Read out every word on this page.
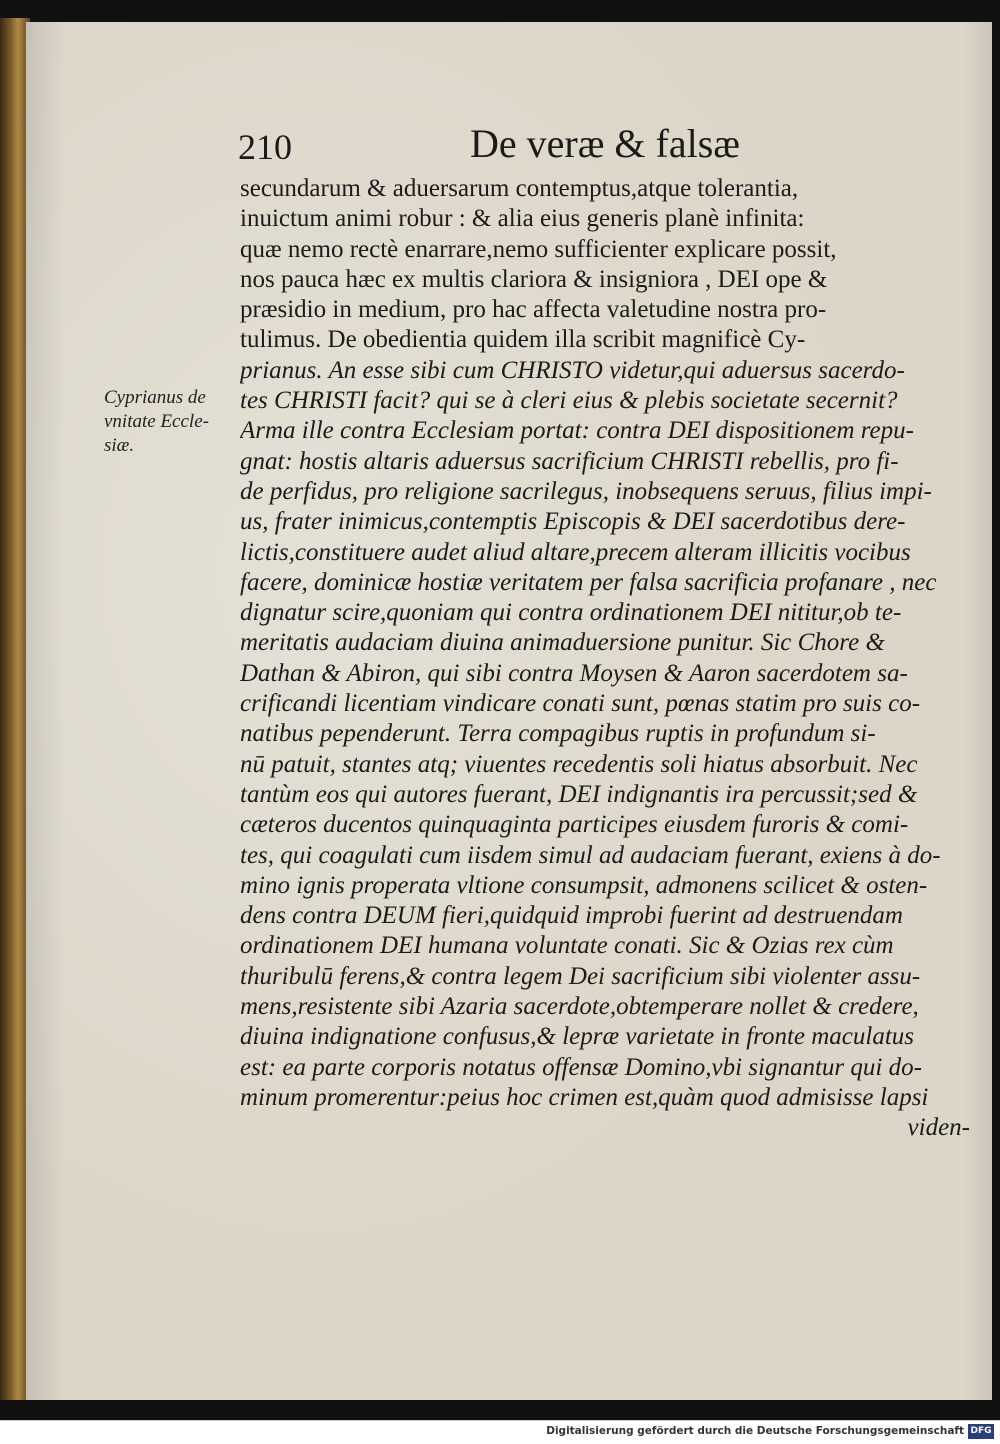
210	De veræ & falsæ
Cyprianus de
vnitate Eccle-
siæ.
secundarum & aduersarum contemptus,atque tolerantia,
inuictum animi robur : & alia eius generis planè infinita:
quæ nemo rectè enarrare,nemo sufficienter explicare possit,
nos pauca hæc ex multis clariora & insigniora , DEI ope &
præsidio in medium, pro hac affecta valetudine nostra pro-
tulimus. De obedientia quidem illa scribit magnificè Cy-
prianus. An esse sibi cum CHRISTO videtur,qui aduersus sacerdo-
tes CHRISTI facit? qui se à cleri eius & plebis societate secernit?
Arma ille contra Ecclesiam portat: contra DEI dispositionem repu-
gnat: hostis altaris aduersus sacrificium CHRISTI rebellis, pro fi-
de perfidus, pro religione sacrilegus, inobsequens seruus, filius impi-
us, frater inimicus,contemptis Episcopis & DEI sacerdotibus dere-
lictis,constituere audet aliud altare,precem alteram illicitis vocibus
facere, dominicæ hostiæ veritatem per falsa sacrificia profanare , nec
dignatur scire,quoniam qui contra ordinationem DEI nititur,ob te-
meritatis audaciam diuina animaduersione punitur. Sic Chore &
Dathan & Abiron, qui sibi contra Moysen & Aaron sacerdotem sa-
crificandi licentiam vindicare conati sunt, pœnas statim pro suis co-
natibus pependerunt. Terra compagibus ruptis in profundum si-
nū patuit, stantes atq; viuentes recedentis soli hiatus absorbuit. Nec
tantùm eos qui autores fuerant, DEI indignantis ira percussit;sed &
cæteros ducentos quinquaginta participes eiusdem furoris & comi-
tes, qui coagulati cum iisdem simul ad audaciam fuerant, exiens à do-
mino ignis properata vltione consumpsit, admonens scilicet & osten-
dens contra DEUM fieri,quidquid improbi fuerint ad destruendam
ordinationem DEI humana voluntate conati. Sic & Ozias rex cùm
thuribulū ferens,& contra legem Dei sacrificium sibi violenter assu-
mens,resistente sibi Azaria sacerdote,obtemperare nollet & credere,
diuina indignatione confusus,& lepræ varietate in fronte maculatus
est: ea parte corporis notatus offensæ Domino,vbi signantur qui do-
minum promerentur:peius hoc crimen est,quàm quod admisisse lapsi
viden-
Digitalisierung gefördert durch die Deutsche Forschungsgemeinschaft DFG
